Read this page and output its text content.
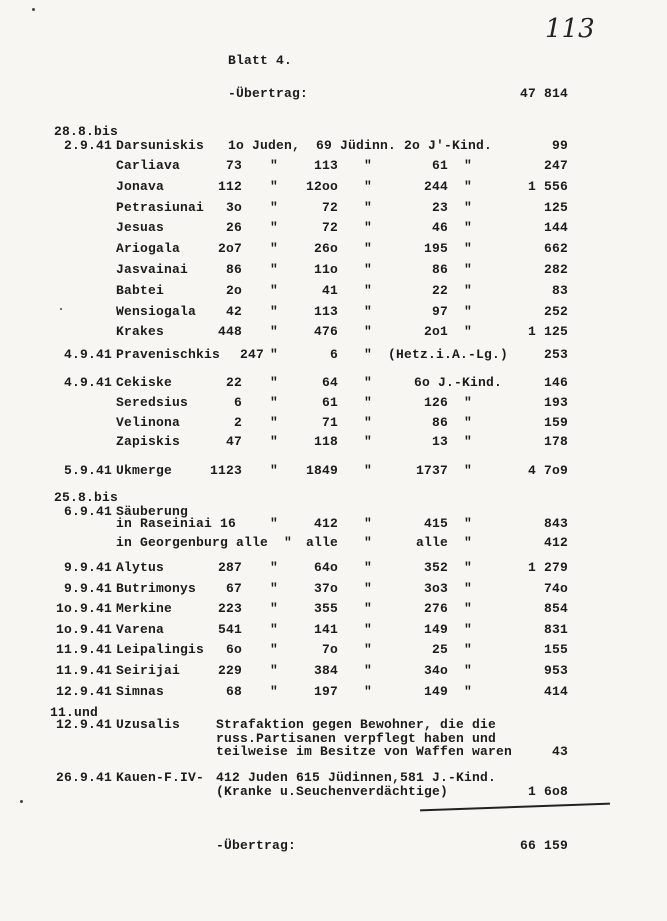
113
Blatt 4.
-Übertrag:	47 814
28.8.bis
2.9.41 Darsuniskis 1o Juden,  69 Jüdinn. 2o J'-Kind.	99
Carliava	73 "	113 "	61 "	247
Jonava	112 "	12oo "	244 "	1 556
Petrasiunai	3o "	72 "	23 "	125
Jesuas	26 "	72 "	46 "	144
Ariogala	2o7 "	26o "	195 "	662
Jasvainai	86 "	11o "	86 "	282
Babtei	2o "	41 "	22 "	83
Wensiogala	42 "	113 "	97 "	252
Krakes	448 "	476 "	2o1 "	1 125
4.9.41 Pravenischkis	247 "	6 " (Hetz.i.A.-Lg.)	253
4.9.41 Cekiske	22 "	64 "	6o J.-Kind.	146
Seredsius	6 "	61 "	126 "	193
Velinona	2 "	71 "	86 "	159
Zapiskis	47 "	118 "	13 "	178
5.9.41 Ukmerge	1123 "	1849 "	1737 "	4 7o9
25.8.bis
6.9.41 Säuberung
in Raseiniai 16	"	412 "	415 "	843
in Georgenburg alle "	alle "	alle "	412
9.9.41 Alytus	287 "	64o "	352 "	1 279
9.9.41 Butrimonys	67 "	37o "	3o3 "	74o
1o.9.41 Merkine	223 "	355 "	276 "	854
1o.9.41 Varena	541 "	141 "	149 "	831
11.9.41 Leipalingis	6o "	7o "	25 "	155
11.9.41 Seirijai	229 "	384 "	34o "	953
12.9.41 Simnas	68 "	197 "	149 "	414
11.und
12.9.41 Uzusalis	Strafaktion gegen Bewohner, die die
russ.Partisanen verpflegt haben und
teilweise im Besitze von Waffen waren	43
26.9.41 Kauen-F.IV- 412 Juden 615 Jüdinnen,581 J.-Kind.
(Kranke u.Seuchenverdächtige)	1 6o8
-Übertrag:	66 159
